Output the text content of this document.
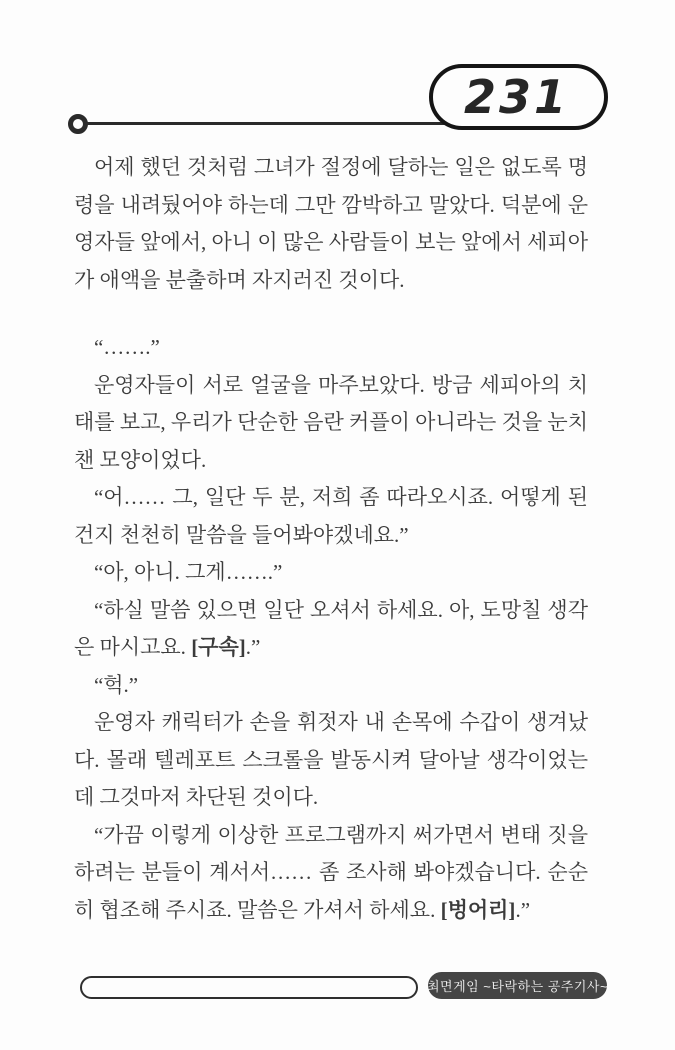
231

어제 했던 것처럼 그녀가 절정에 달하는 일은 없도록 명령을 내려뒀어야 하는데 그만 깜박하고 말았다. 덕분에 운영자들 앞에서, 아니 이 많은 사람들이 보는 앞에서 세피아가 애액을 분출하며 자지러진 것이다.

“…….”

운영자들이 서로 얼굴을 마주보았다. 방금 세피아의 치태를 보고, 우리가 단순한 음란 커플이 아니라는 것을 눈치 챈 모양이었다.

“어…… 그, 일단 두 분, 저희 좀 따라오시죠. 어떻게 된 건지 천천히 말씀을 들어봐야겠네요.”

“아, 아니. 그게…….”

“하실 말씀 있으면 일단 오셔서 하세요. 아, 도망칠 생각은 마시고요. [구속].”

“헉.”

운영자 캐릭터가 손을 휘젓자 내 손목에 수갑이 생겨났다. 몰래 텔레포트 스크롤을 발동시켜 달아날 생각이었는데 그것마저 차단된 것이다.

“가끔 이렇게 이상한 프로그램까지 써가면서 변태 짓을 하려는 분들이 계서서…… 좀 조사해 봐야겠습니다. 순순히 협조해 주시죠. 말씀은 가셔서 하세요. [벙어리].”

최면게임 ~타락하는 공주기사~
